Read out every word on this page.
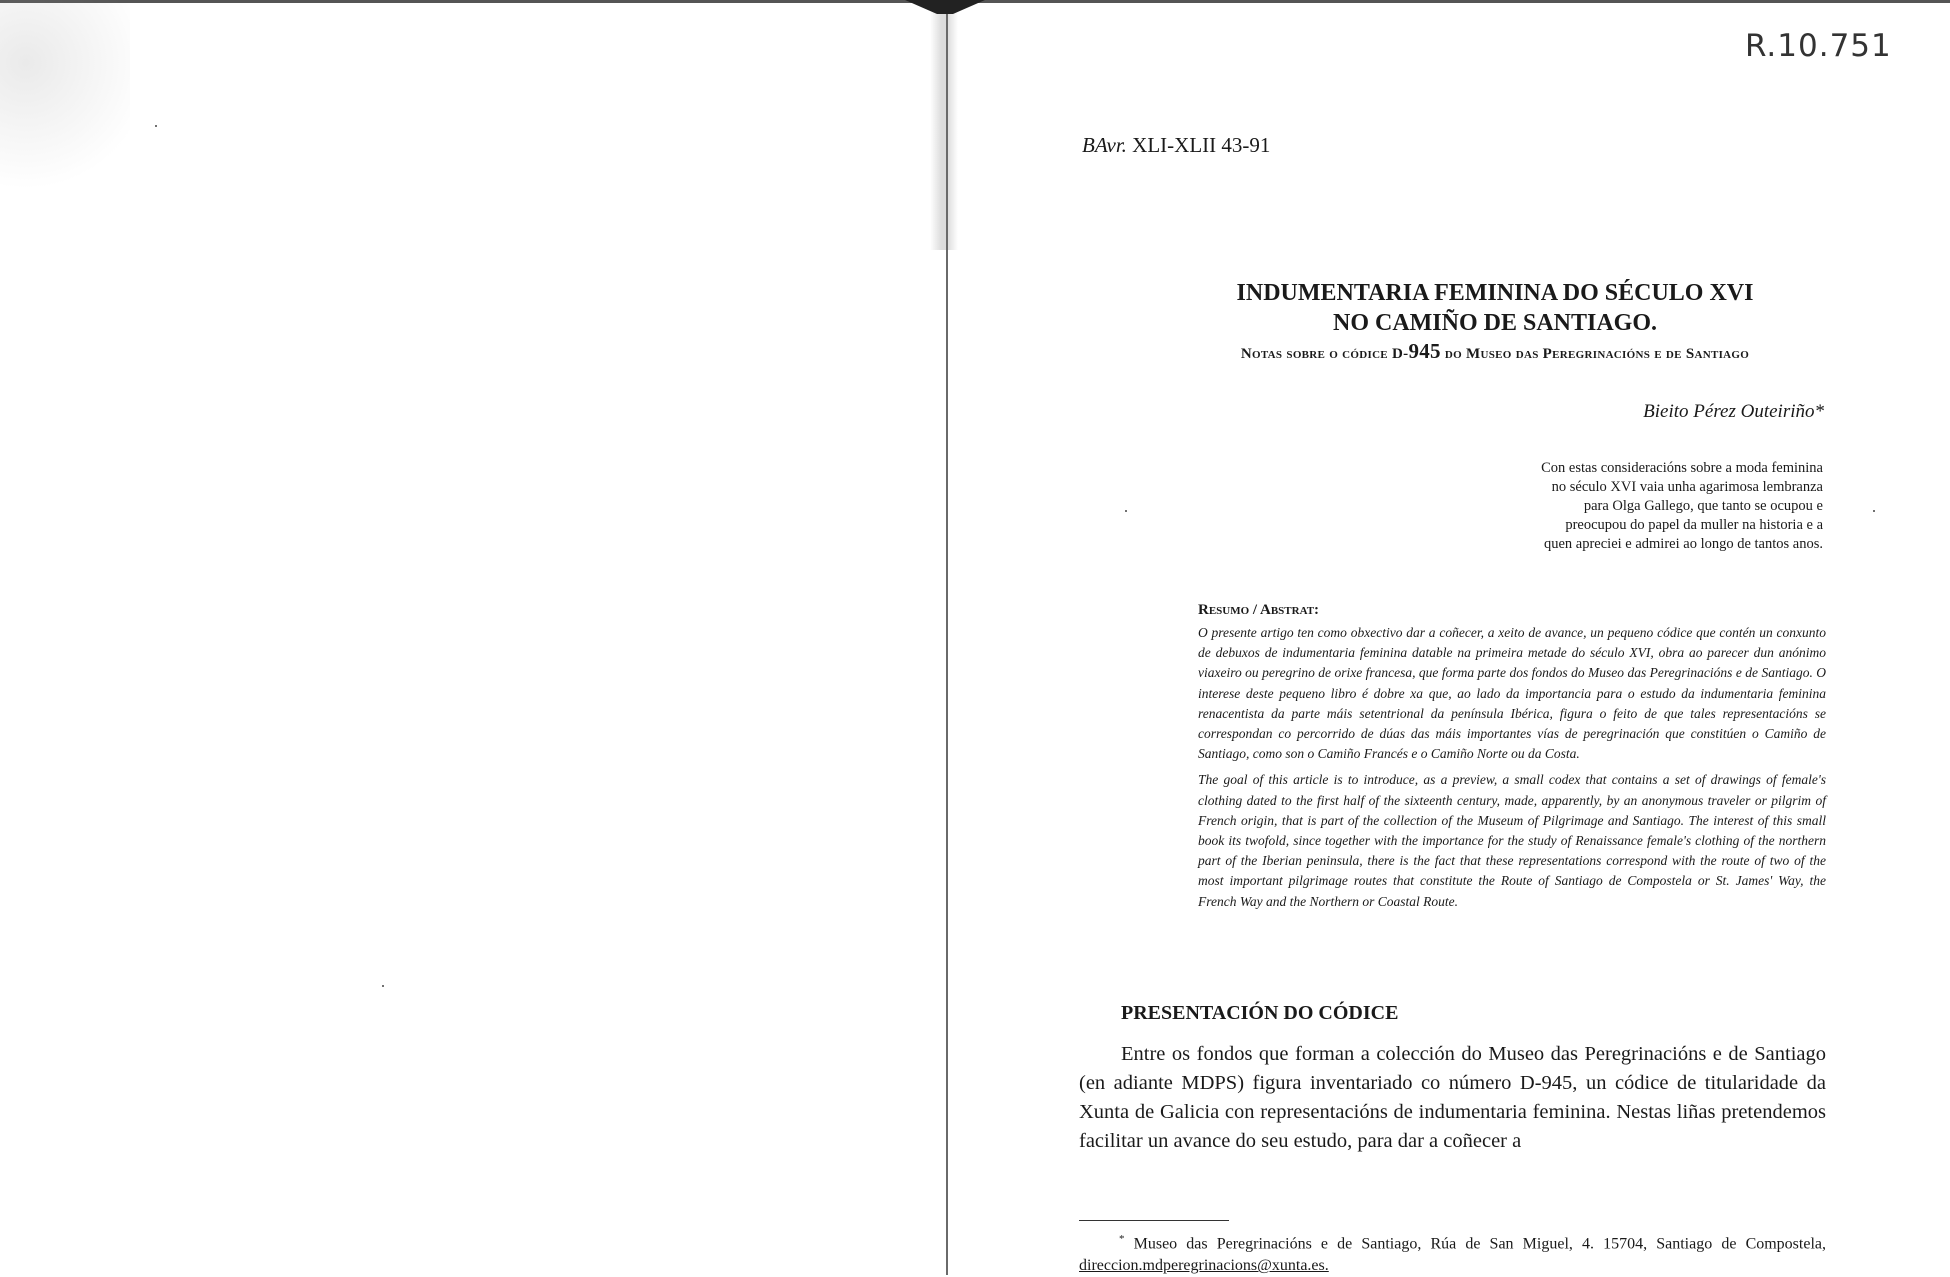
R.10.751
BAvr. XLI-XLII 43-91
INDUMENTARIA FEMININA DO SÉCULO XVI
NO CAMIÑO DE SANTIAGO.
Notas sobre o códice D-945 do Museo das Peregrinacións e de Santiago
Bieito Pérez Outeiriño*
Con estas consideracións sobre a moda feminina
no século XVI vaia unha agarimosa lembranza
para Olga Gallego, que tanto se ocupou e
preocupou do papel da muller na historia e a
quen apreciei e admirei ao longo de tantos anos.
Resumo / Abstrat:

O presente artigo ten como obxectivo dar a coñecer, a xeito de avance, un pequeno códice que contén un conxunto de debuxos de indumentaria feminina datable na primeira metade do século XVI, obra ao parecer dun anónimo viaxeiro ou peregrino de orixe francesa, que forma parte dos fondos do Museo das Peregrinacións e de Santiago. O interese deste pequeno libro é dobre xa que, ao lado da importancia para o estudo da indumentaria feminina renacentista da parte máis setentrional da península Ibérica, figura o feito de que tales representacións se correspondan co percorrido de dúas das máis importantes vías de peregrinación que constitúen o Camiño de Santiago, como son o Camiño Francés e o Camiño Norte ou da Costa.

The goal of this article is to introduce, as a preview, a small codex that contains a set of drawings of female's clothing dated to the first half of the sixteenth century, made, apparently, by an anonymous traveler or pilgrim of French origin, that is part of the collection of the Museum of Pilgrimage and Santiago. The interest of this small book its twofold, since together with the importance for the study of Renaissance female's clothing of the northern part of the Iberian peninsula, there is the fact that these representations correspond with the route of two of the most important pilgrimage routes that constitute the Route of Santiago de Compostela or St. James' Way, the French Way and the Northern or Coastal Route.

PRESENTACIÓN DO CÓDICE

Entre os fondos que forman a colección do Museo das Peregrinacións e de Santiago (en adiante MDPS) figura inventariado co número D-945, un códice de titularidade da Xunta de Galicia con representacións de indumentaria feminina. Nestas liñas pretendemos facilitar un avance do seu estudo, para dar a coñecer a

* Museo das Peregrinacións e de Santiago, Rúa de San Miguel, 4. 15704, Santiago de Compostela, direccion.mdperegrinacions@xunta.es.
